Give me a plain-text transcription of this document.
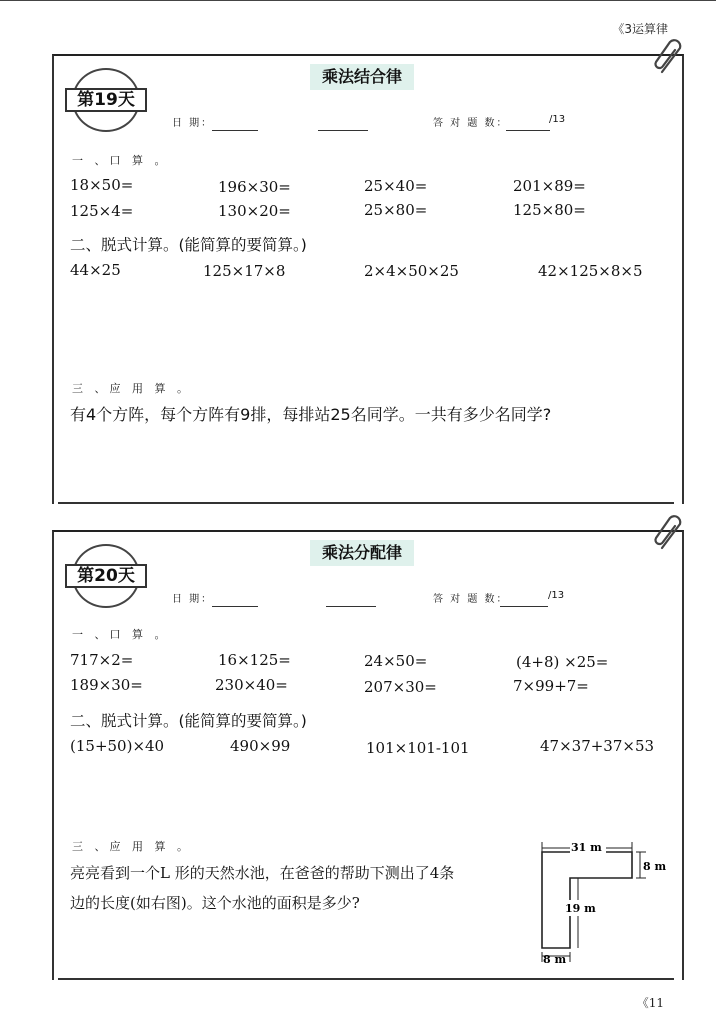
《3运算律
第19天
乘法结合律
日 期：	答 对 题 数：	/13
一 、口 算 。
18×50=	196×30=	25×40=	201×89=
125×4=	130×20=	25×80=	125×80=
二、脱式计算。(能简算的要简算。)
44×25	125×17×8	2×4×50×25	42×125×8×5
三 、应 用 算 。
有4个方阵，每个方阵有9排，每排站25名同学。一共有多少名同学?
第20天
乘法分配律
日 期：	答 对 题 数：	/13
一 、口 算 。
717×2=	16×125=	24×50=	(4+8) ×25=
189×30=	230×40=	207×30=	7×99+7=
二、脱式计算。(能简算的要简算。)
(15+50)×40	490×99	101×101-101	47×37+37×53
三 、应 用 算 。
亮亮看到一个L 形的天然水池，在爸爸的帮助下测出了4条
边的长度(如右图)。这个水池的面积是多少?
31 m
8 m
19 m
8 m
《11
